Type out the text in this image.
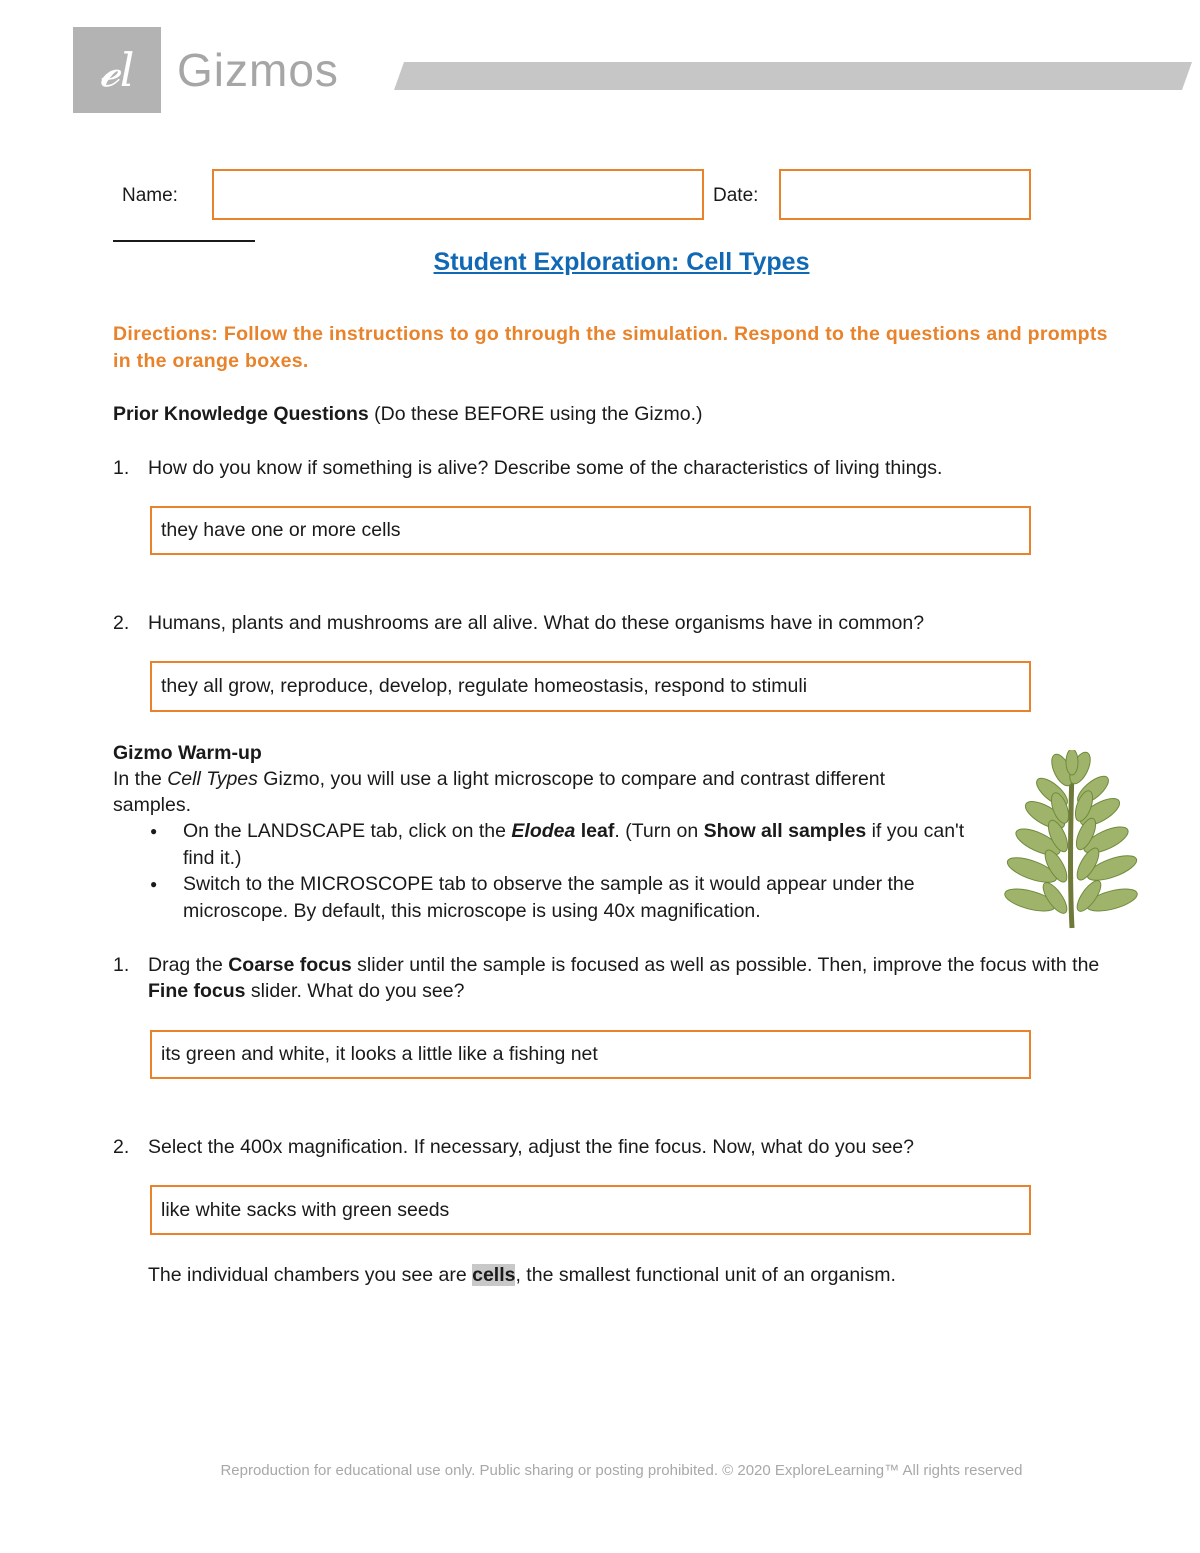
𝓮l Gizmos
Name:	Date:
Student Exploration: Cell Types
Directions: Follow the instructions to go through the simulation. Respond to the questions and prompts in the orange boxes.
Prior Knowledge Questions (Do these BEFORE using the Gizmo.)
1. How do you know if something is alive? Describe some of the characteristics of living things.
they have one or more cells
2. Humans, plants and mushrooms are all alive. What do these organisms have in common?
they all grow, reproduce, develop, regulate homeostasis, respond to stimuli
Gizmo Warm-up
In the Cell Types Gizmo, you will use a light microscope to compare and contrast different samples.
● On the LANDSCAPE tab, click on the Elodea leaf. (Turn on Show all samples if you can't find it.)
● Switch to the MICROSCOPE tab to observe the sample as it would appear under the microscope. By default, this microscope is using 40x magnification.
1. Drag the Coarse focus slider until the sample is focused as well as possible. Then, improve the focus with the Fine focus slider. What do you see?
its green and white, it looks a little like a fishing net
2. Select the 400x magnification. If necessary, adjust the fine focus. Now, what do you see?
like white sacks with green seeds
The individual chambers you see are cells, the smallest functional unit of an organism.
Reproduction for educational use only. Public sharing or posting prohibited. © 2020 ExploreLearning™ All rights reserved
